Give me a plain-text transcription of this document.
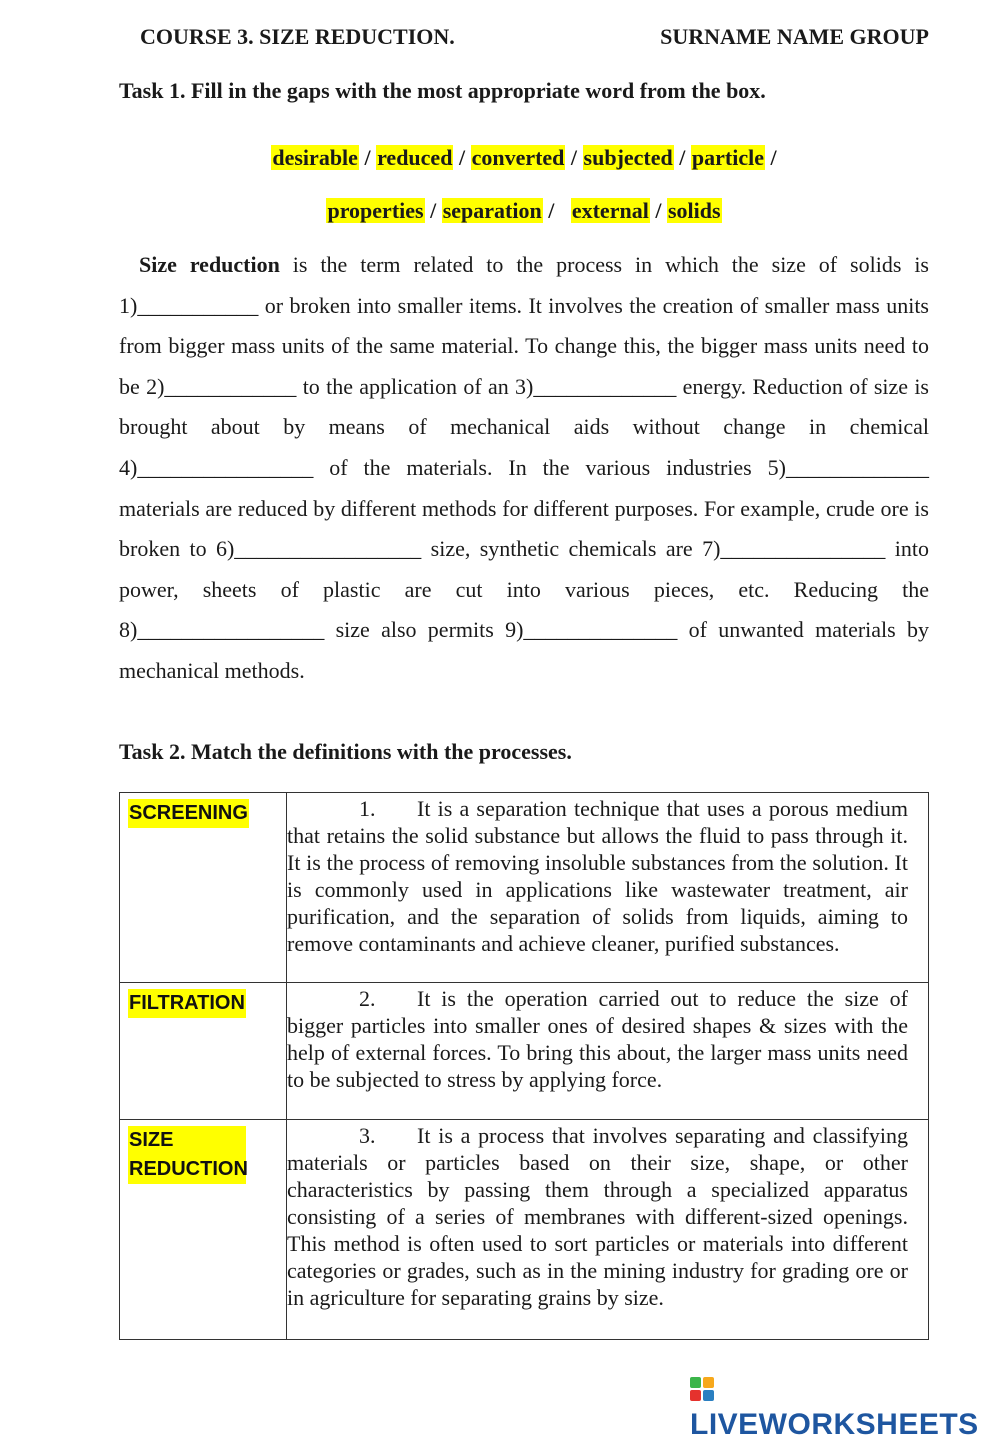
COURSE 3. SIZE REDUCTION.	SURNAME NAME GROUP
Task 1. Fill in the gaps with the most appropriate word from the box.
desirable / reduced / converted / subjected / particle /
properties / separation / external / solids

Size reduction is the term related to the process in which the size of solids is 1)___________ or broken into smaller items. It involves the creation of smaller mass units from bigger mass units of the same material. To change this, the bigger mass units need to be 2)____________ to the application of an 3)_____________ energy. Reduction of size is brought about by means of mechanical aids without change in chemical 4)________________ of the materials. In the various industries 5)_____________ materials are reduced by different methods for different purposes. For example, crude ore is broken to 6)_________________ size, synthetic chemicals are 7)_______________ into power, sheets of plastic are cut into various pieces, etc. Reducing the 8)_________________ size also permits 9)______________ of unwanted materials by mechanical methods.

Task 2. Match the definitions with the processes.
SCREENING	1. It is a separation technique that uses a porous medium that retains the solid substance but allows the fluid to pass through it. It is the process of removing insoluble substances from the solution. It is commonly used in applications like wastewater treatment, air purification, and the separation of solids from liquids, aiming to remove contaminants and achieve cleaner, purified substances.

FILTRATION	2. It is the operation carried out to reduce the size of bigger particles into smaller ones of desired shapes & sizes with the help of external forces. To bring this about, the larger mass units need to be subjected to stress by applying force.

SIZE REDUCTION	3. It is a process that involves separating and classifying materials or particles based on their size, shape, or other characteristics by passing them through a specialized apparatus consisting of a series of membranes with different-sized openings. This method is often used to sort particles or materials into different categories or grades, such as in the mining industry for grading ore or in agriculture for separating grains by size.

LIVEWORKSHEETS
